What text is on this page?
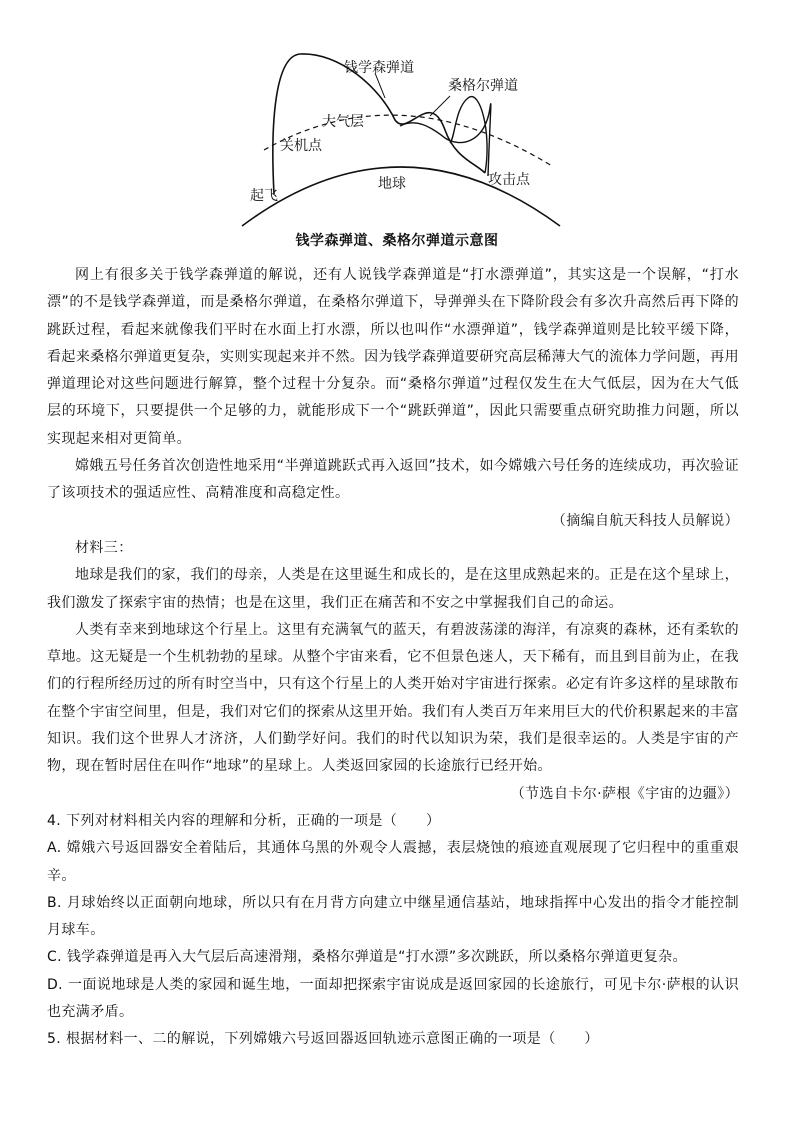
钱学森弹道
桑格尔弹道
大气层
关机点
起飞
地球	攻击点
钱学森弹道、桑格尔弹道示意图

网上有很多关于钱学森弹道的解说，还有人说钱学森弹道是“打水漂弹道”，其实这是一个误解，“打水漂”的不是钱学森弹道，而是桑格尔弹道，在桑格尔弹道下，导弹弹头在下降阶段会有多次升高然后再下降的跳跃过程，看起来就像我们平时在水面上打水漂，所以也叫作“水漂弹道”，钱学森弹道则是比较平缓下降，看起来桑格尔弹道更复杂，实则实现起来并不然。因为钱学森弹道要研究高层稀薄大气的流体力学问题，再用弹道理论对这些问题进行解算，整个过程十分复杂。而“桑格尔弹道”过程仅发生在大气低层，因为在大气低层的环境下，只要提供一个足够的力，就能形成下一个“跳跃弹道”，因此只需要重点研究助推力问题，所以实现起来相对更简单。

嫦娥五号任务首次创造性地采用“半弹道跳跃式再入返回”技术，如今嫦娥六号任务的连续成功，再次验证了该项技术的强适应性、高精准度和高稳定性。

（摘编自航天科技人员解说）

材料三：

地球是我们的家，我们的母亲，人类是在这里诞生和成长的，是在这里成熟起来的。正是在这个星球上，我们激发了探索宇宙的热情；也是在这里，我们正在痛苦和不安之中掌握我们自己的命运。

人类有幸来到地球这个行星上。这里有充满氧气的蓝天，有碧波荡漾的海洋，有凉爽的森林，还有柔软的草地。这无疑是一个生机勃勃的星球。从整个宇宙来看，它不但景色迷人，天下稀有，而且到目前为止，在我们的行程所经历过的所有时空当中，只有这个行星上的人类开始对宇宙进行探索。必定有许多这样的星球散布在整个宇宙空间里，但是，我们对它们的探索从这里开始。我们有人类百万年来用巨大的代价积累起来的丰富知识。我们这个世界人才济济，人们勤学好问。我们的时代以知识为荣，我们是很幸运的。人类是宇宙的产物，现在暂时居住在叫作“地球”的星球上。人类返回家园的长途旅行已经开始。

（节选自卡尔·萨根《宇宙的边疆》）

4. 下列对材料相关内容的理解和分析，正确的一项是（　　）

A. 嫦娥六号返回器安全着陆后，其通体乌黑的外观令人震撼，表层烧蚀的痕迹直观展现了它归程中的重重艰辛。

B. 月球始终以正面朝向地球，所以只有在月背方向建立中继星通信基站，地球指挥中心发出的指令才能控制月球车。

C. 钱学森弹道是再入大气层后高速滑翔，桑格尔弹道是“打水漂”多次跳跃，所以桑格尔弹道更复杂。

D. 一面说地球是人类的家园和诞生地，一面却把探索宇宙说成是返回家园的长途旅行，可见卡尔·萨根的认识也充满矛盾。

5. 根据材料一、二的解说，下列嫦娥六号返回器返回轨迹示意图正确的一项是（　　）
